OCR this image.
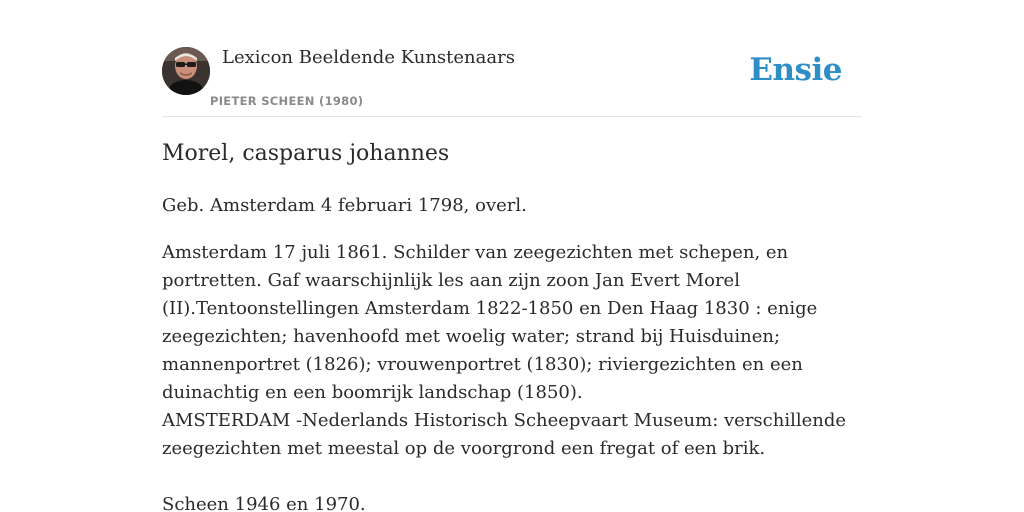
Lexicon Beeldende Kunstenaars
PIETER SCHEEN (1980)
Ensie
Morel, casparus johannes

Geb. Amsterdam 4 februari 1798, overl.

Amsterdam 17 juli 1861. Schilder van zeegezichten met schepen, en portretten. Gaf waarschijnlijk les aan zijn zoon Jan Evert Morel (II).Tentoonstellingen Amsterdam 1822-1850 en Den Haag 1830 : enige zeegezichten; havenhoofd met woelig water; strand bij Huisduinen; mannenportret (1826); vrouwenportret (1830); riviergezichten en een duinachtig en een boomrijk landschap (1850).

AMSTERDAM -Nederlands Historisch Scheepvaart Museum: verschillende zeegezichten met meestal op de voorgrond een fregat of een brik.

Scheen 1946 en 1970.
